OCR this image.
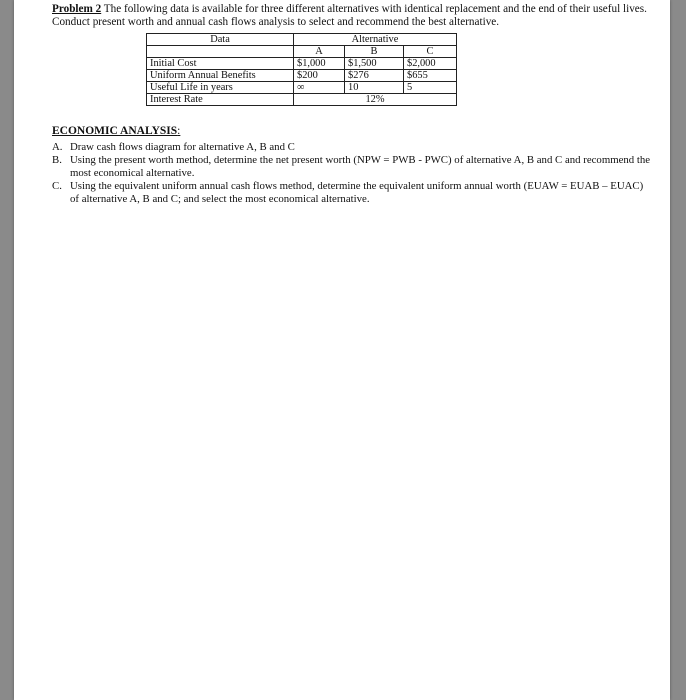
Problem 2 The following data is available for three different alternatives with identical replacement and the end of their useful lives. Conduct present worth and annual cash flows analysis to select and recommend the best alternative.
Data	Alternative		
	A	B	C
Initial Cost	$1,000	$1,500	$2,000
Uniform Annual Benefits	$200	$276	$655
Useful Life in years	∞	10	5
Interest Rate	12%		
ECONOMIC ANALYSIS:
A. Draw cash flows diagram for alternative A, B and C
B. Using the present worth method, determine the net present worth (NPW = PWB - PWC) of alternative A, B and C and recommend the most economical alternative.
C. Using the equivalent uniform annual cash flows method, determine the equivalent uniform annual worth (EUAW = EUAB – EUAC) of alternative A, B and C; and select the most economical alternative.
